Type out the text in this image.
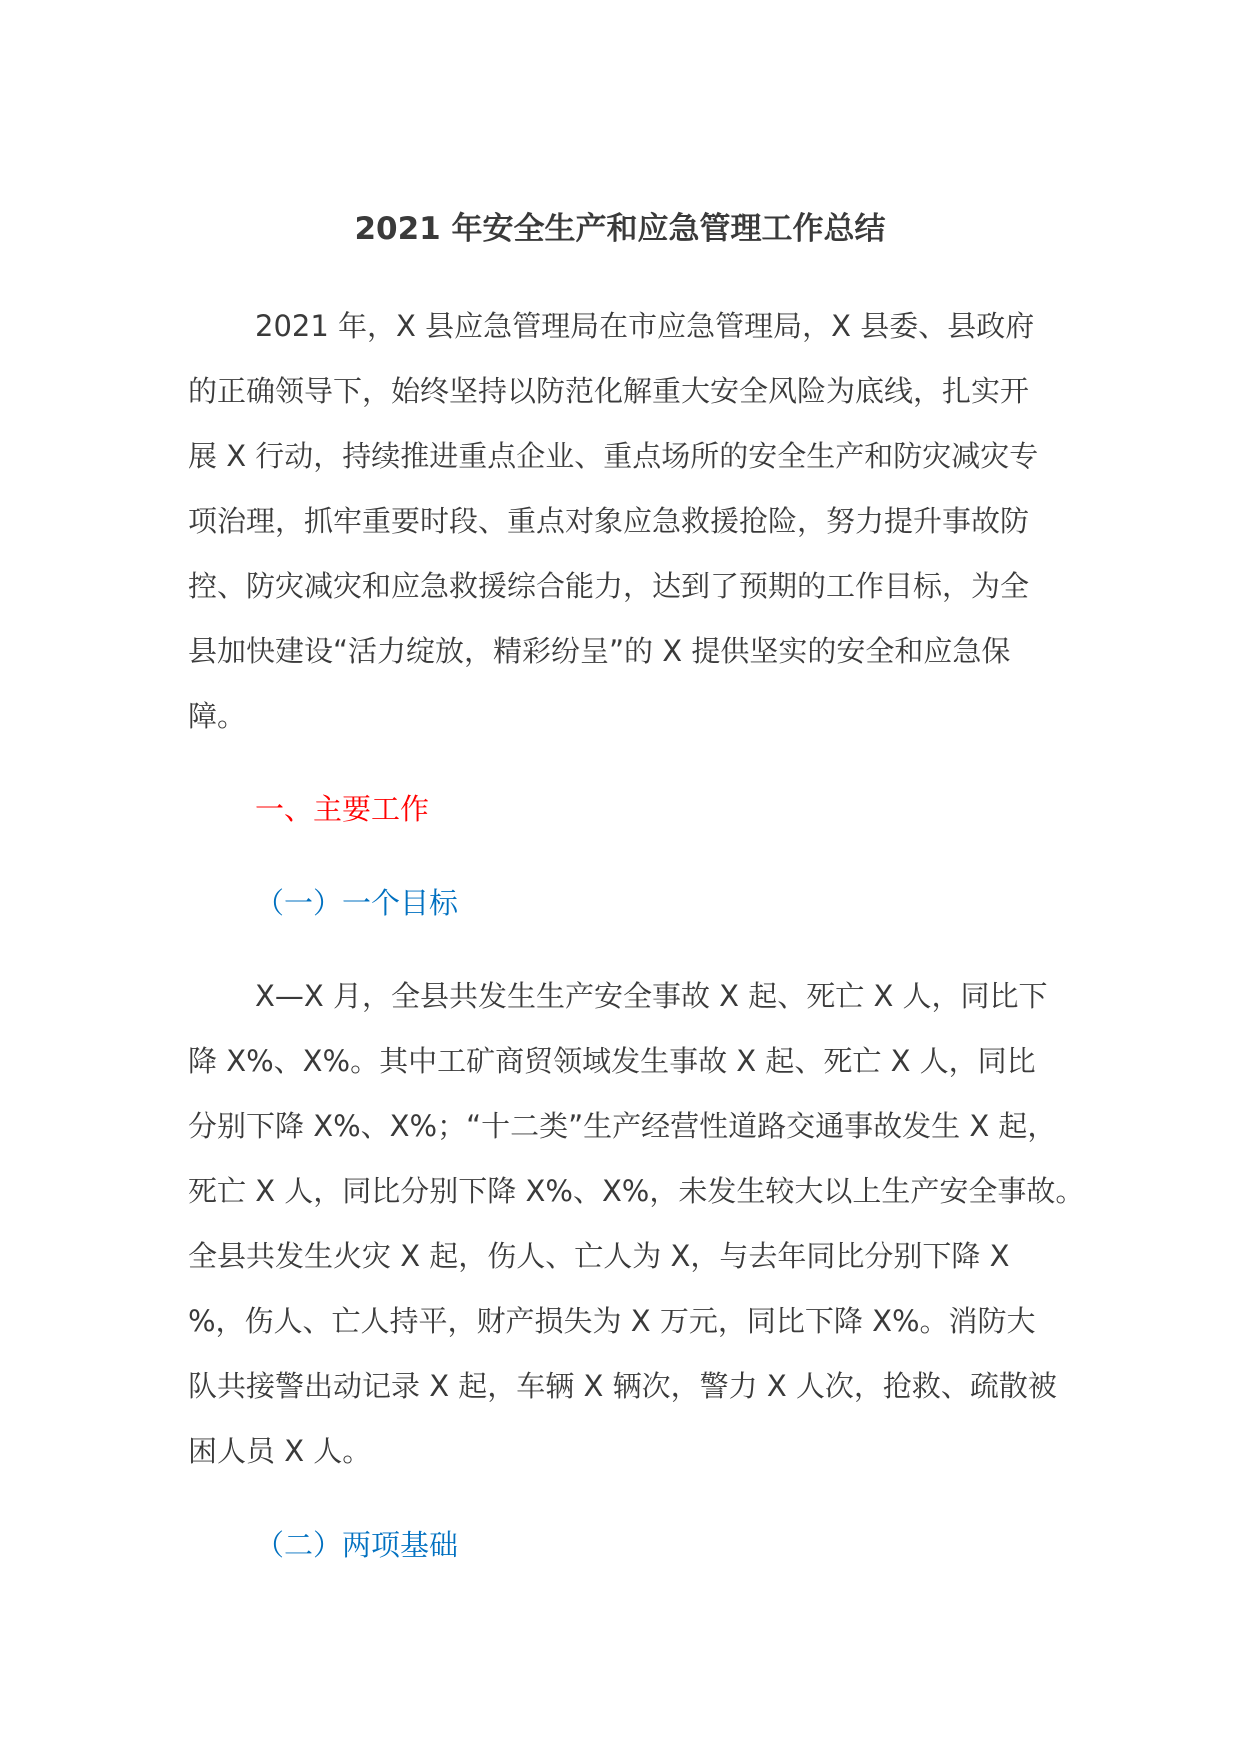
2021 年安全生产和应急管理工作总结
2021 年，X 县应急管理局在市应急管理局，X 县委、县政府
的正确领导下，始终坚持以防范化解重大安全风险为底线，扎实开
展 X 行动，持续推进重点企业、重点场所的安全生产和防灾减灾专
项治理，抓牢重要时段、重点对象应急救援抢险，努力提升事故防
控、防灾减灾和应急救援综合能力，达到了预期的工作目标，为全
县加快建设“活力绽放，精彩纷呈”的 X 提供坚实的安全和应急保
障。
一、主要工作
（一）一个目标
X—X 月，全县共发生生产安全事故 X 起、死亡 X 人，同比下
降 X%、X%。其中工矿商贸领域发生事故 X 起、死亡 X 人，同比
分别下降 X%、X%；“十二类”生产经营性道路交通事故发生 X 起，
死亡 X 人，同比分别下降 X%、X%，未发生较大以上生产安全事故。
全县共发生火灾 X 起，伤人、亡人为 X，与去年同比分别下降 X
%，伤人、亡人持平，财产损失为 X 万元，同比下降 X%。消防大
队共接警出动记录 X 起，车辆 X 辆次，警力 X 人次，抢救、疏散被
困人员 X 人。
（二）两项基础
